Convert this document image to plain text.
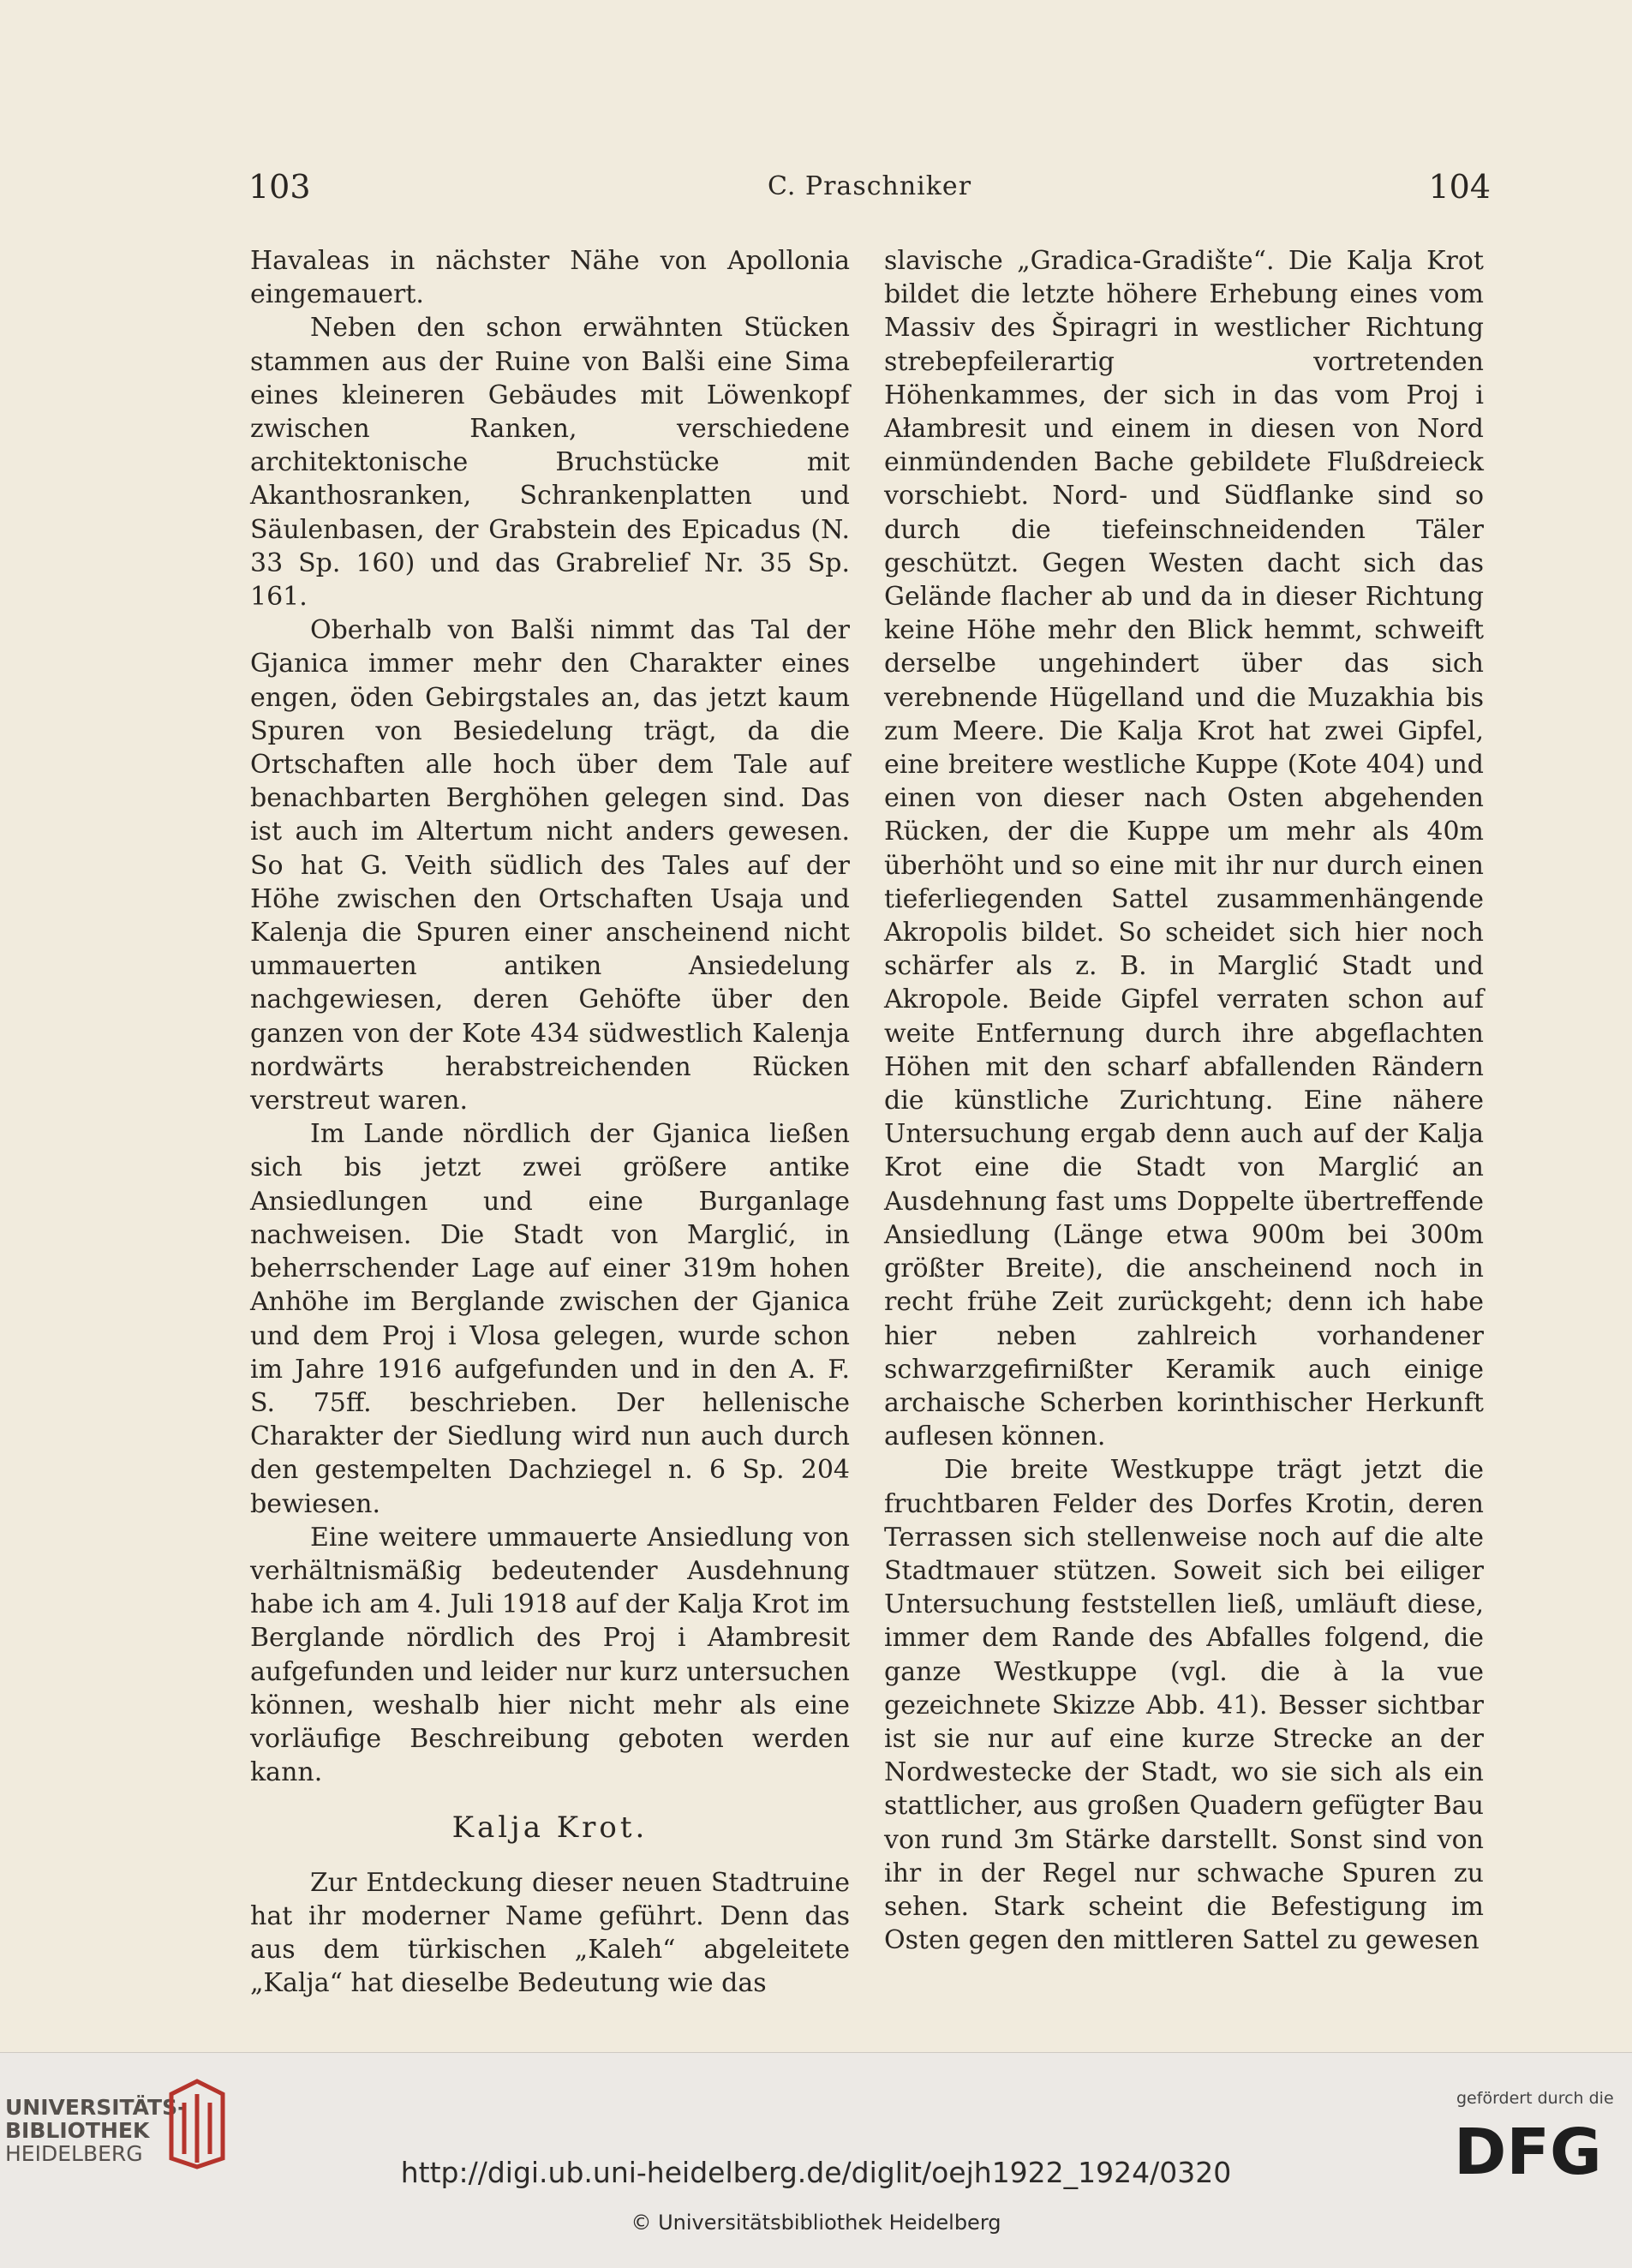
103	C. Praschniker	104

Havaleas in nächster Nähe von Apollonia eingemauert.

Neben den schon erwähnten Stücken stammen aus der Ruine von Balši eine Sima eines kleineren Gebäudes mit Löwenkopf zwischen Ranken, verschiedene architektonische Bruchstücke mit Akanthosranken, Schrankenplatten und Säulenbasen, der Grabstein des Epicadus (N. 33 Sp. 160) und das Grabrelief Nr. 35 Sp. 161.

Oberhalb von Balši nimmt das Tal der Gjanica immer mehr den Charakter eines engen, öden Gebirgstales an, das jetzt kaum Spuren von Besiedelung trägt, da die Ortschaften alle hoch über dem Tale auf benachbarten Berghöhen gelegen sind. Das ist auch im Altertum nicht anders gewesen. So hat G. Veith südlich des Tales auf der Höhe zwischen den Ortschaften Usaja und Kalenja die Spuren einer anscheinend nicht ummauerten antiken Ansiedelung nachgewiesen, deren Gehöfte über den ganzen von der Kote 434 südwestlich Kalenja nordwärts herabstreichenden Rücken verstreut waren.

Im Lande nördlich der Gjanica ließen sich bis jetzt zwei größere antike Ansiedlungen und eine Burganlage nachweisen. Die Stadt von Marglić, in beherrschender Lage auf einer 319m hohen Anhöhe im Berglande zwischen der Gjanica und dem Proj i Vlosa gelegen, wurde schon im Jahre 1916 aufgefunden und in den A. F. S. 75ff. beschrieben. Der hellenische Charakter der Siedlung wird nun auch durch den gestempelten Dachziegel n. 6 Sp. 204 bewiesen.

Eine weitere ummauerte Ansiedlung von verhältnismäßig bedeutender Ausdehnung habe ich am 4. Juli 1918 auf der Kalja Krot im Berglande nördlich des Proj i Ałambresit aufgefunden und leider nur kurz untersuchen können, weshalb hier nicht mehr als eine vorläufige Beschreibung geboten werden kann.

Kalja Krot.

Zur Entdeckung dieser neuen Stadtruine hat ihr moderner Name geführt. Denn das aus dem türkischen „Kaleh“ abgeleitete „Kalja“ hat dieselbe Bedeutung wie das

slavische „Gradica-Gradište“. Die Kalja Krot bildet die letzte höhere Erhebung eines vom Massiv des Špiragri in westlicher Richtung strebepfeilerartig vortretenden Höhenkammes, der sich in das vom Proj i Ałambresit und einem in diesen von Nord einmündenden Bache gebildete Flußdreieck vorschiebt. Nord- und Südflanke sind so durch die tiefeinschneidenden Täler geschützt. Gegen Westen dacht sich das Gelände flacher ab und da in dieser Richtung keine Höhe mehr den Blick hemmt, schweift derselbe ungehindert über das sich verebnende Hügelland und die Muzakhia bis zum Meere. Die Kalja Krot hat zwei Gipfel, eine breitere westliche Kuppe (Kote 404) und einen von dieser nach Osten abgehenden Rücken, der die Kuppe um mehr als 40m überhöht und so eine mit ihr nur durch einen tieferliegenden Sattel zusammenhängende Akropolis bildet. So scheidet sich hier noch schärfer als z. B. in Marglić Stadt und Akropole. Beide Gipfel verraten schon auf weite Entfernung durch ihre abgeflachten Höhen mit den scharf abfallenden Rändern die künstliche Zurichtung. Eine nähere Untersuchung ergab denn auch auf der Kalja Krot eine die Stadt von Marglić an Ausdehnung fast ums Doppelte übertreffende Ansiedlung (Länge etwa 900m bei 300m größter Breite), die anscheinend noch in recht frühe Zeit zurückgeht; denn ich habe hier neben zahlreich vorhandener schwarzgefirnißter Keramik auch einige archaische Scherben korinthischer Herkunft auflesen können.

Die breite Westkuppe trägt jetzt die fruchtbaren Felder des Dorfes Krotin, deren Terrassen sich stellenweise noch auf die alte Stadtmauer stützen. Soweit sich bei eiliger Untersuchung feststellen ließ, umläuft diese, immer dem Rande des Abfalles folgend, die ganze Westkuppe (vgl. die à la vue gezeichnete Skizze Abb. 41). Besser sichtbar ist sie nur auf eine kurze Strecke an der Nordwestecke der Stadt, wo sie sich als ein stattlicher, aus großen Quadern gefügter Bau von rund 3m Stärke darstellt. Sonst sind von ihr in der Regel nur schwache Spuren zu sehen. Stark scheint die Befestigung im Osten gegen den mittleren Sattel zu gewesen

UNIVERSITÄTS-
BIBLIOTHEK
HEIDELBERG
http://digi.ub.uni-heidelberg.de/diglit/oejh1922_1924/0320
© Universitätsbibliothek Heidelberg
gefördert durch die
DFG
